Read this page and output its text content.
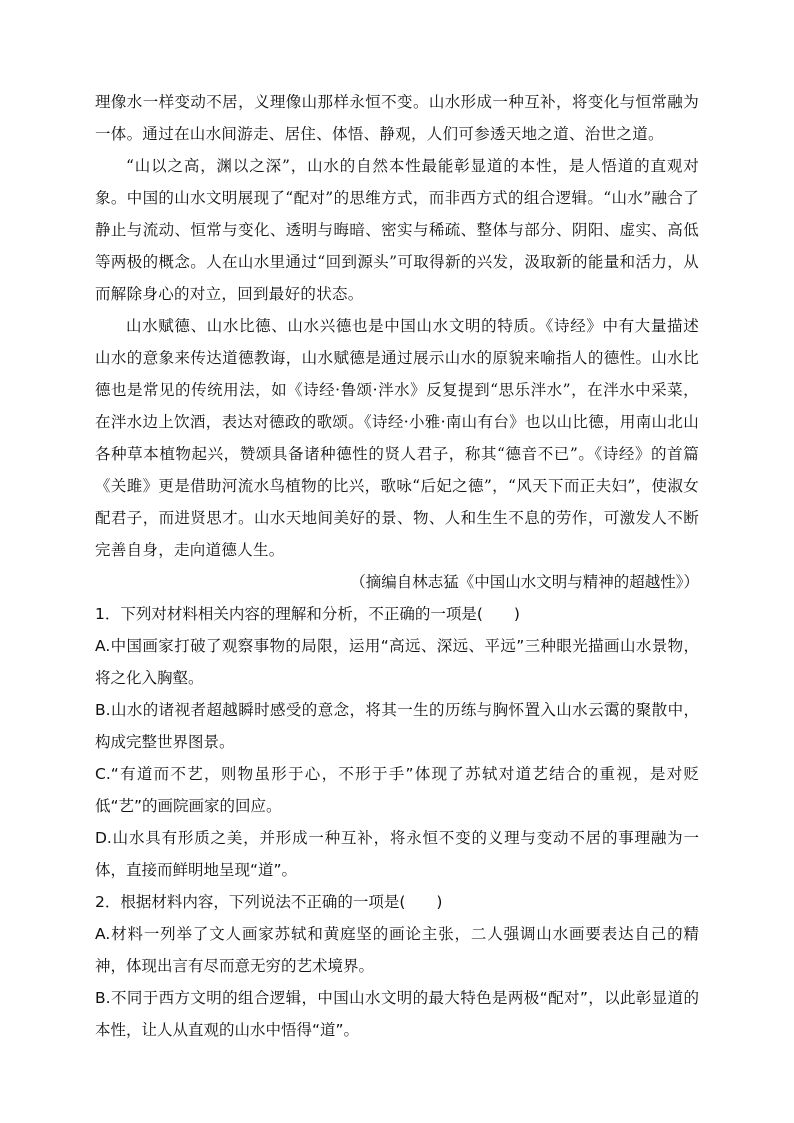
理像水一样变动不居，义理像山那样永恒不变。山水形成一种互补，将变化与恒常融为一体。通过在山水间游走、居住、体悟、静观，人们可参透天地之道、治世之道。

“山以之高，渊以之深”，山水的自然本性最能彰显道的本性，是人悟道的直观对象。中国的山水文明展现了“配对”的思维方式，而非西方式的组合逻辑。“山水”融合了静止与流动、恒常与变化、透明与晦暗、密实与稀疏、整体与部分、阴阳、虚实、高低等两极的概念。人在山水里通过“回到源头”可取得新的兴发，汲取新的能量和活力，从而解除身心的对立，回到最好的状态。

山水赋德、山水比德、山水兴德也是中国山水文明的特质。《诗经》中有大量描述山水的意象来传达道德教诲，山水赋德是通过展示山水的原貌来喻指人的德性。山水比德也是常见的传统用法，如《诗经·鲁颂·泮水》反复提到“思乐泮水”，在泮水中采菜，在泮水边上饮酒，表达对德政的歌颂。《诗经·小雅·南山有台》也以山比德，用南山北山各种草本植物起兴，赞颂具备诸种德性的贤人君子，称其“德音不已”。《诗经》的首篇《关雎》更是借助河流水鸟植物的比兴，歌咏“后妃之德”，“风天下而正夫妇”，使淑女配君子，而进贤思才。山水天地间美好的景、物、人和生生不息的劳作，可激发人不断完善自身，走向道德人生。

（摘编自林志猛《中国山水文明与精神的超越性》）

1．下列对材料相关内容的理解和分析，不正确的一项是(　　)

A.中国画家打破了观察事物的局限，运用“高远、深远、平远”三种眼光描画山水景物，将之化入胸壑。

B.山水的诸视者超越瞬时感受的意念，将其一生的历练与胸怀置入山水云霭的聚散中，构成完整世界图景。

C.“有道而不艺，则物虽形于心，不形于手”体现了苏轼对道艺结合的重视，是对贬低“艺”的画院画家的回应。

D.山水具有形质之美，并形成一种互补，将永恒不变的义理与变动不居的事理融为一体，直接而鲜明地呈现“道”。

2．根据材料内容，下列说法不正确的一项是(　　)

A.材料一列举了文人画家苏轼和黄庭坚的画论主张，二人强调山水画要表达自己的精神，体现出言有尽而意无穷的艺术境界。

B.不同于西方文明的组合逻辑，中国山水文明的最大特色是两极“配对”，以此彰显道的本性，让人从直观的山水中悟得“道”。
